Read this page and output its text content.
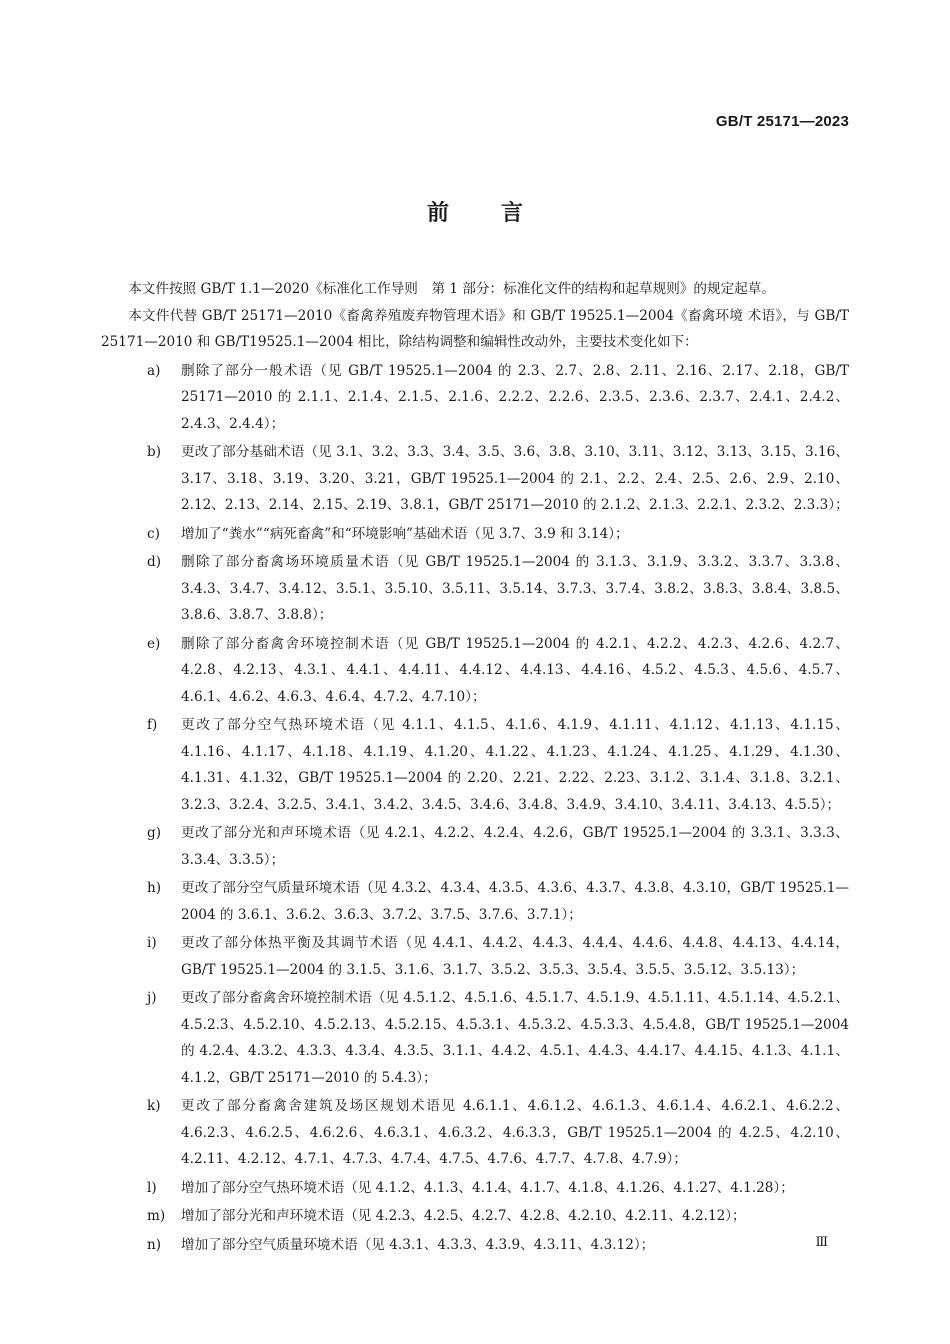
GB/T 25171—2023
前 言

本文件按照 GB/T 1.1—2020《标准化工作导则　第 1 部分：标准化文件的结构和起草规则》的规定起草。

本文件代替 GB/T 25171—2010《畜禽养殖废弃物管理术语》和 GB/T 19525.1—2004《畜禽环境 术语》，与 GB/T 25171—2010 和 GB/T19525.1—2004 相比，除结构调整和编辑性改动外，主要技术变化如下：

a) 删除了部分一般术语（见 GB/T 19525.1—2004 的 2.3、2.7、2.8、2.11、2.16、2.17、2.18，GB/T 25171—2010 的 2.1.1、2.1.4、2.1.5、2.1.6、2.2.2、2.2.6、2.3.5、2.3.6、2.3.7、2.4.1、2.4.2、2.4.3、2.4.4）；
b) 更改了部分基础术语（见 3.1、3.2、3.3、3.4、3.5、3.6、3.8、3.10、3.11、3.12、3.13、3.15、3.16、3.17、3.18、3.19、3.20、3.21，GB/T 19525.1—2004 的 2.1、2.2、2.4、2.5、2.6、2.9、2.10、2.12、2.13、2.14、2.15、2.19、3.8.1，GB/T 25171—2010 的 2.1.2、2.1.3、2.2.1、2.3.2、2.3.3）；
c) 增加了“粪水”“病死畜禽”和“环境影响”基础术语（见 3.7、3.9 和 3.14）；
d) 删除了部分畜禽场环境质量术语（见 GB/T 19525.1—2004 的 3.1.3、3.1.9、3.3.2、3.3.7、3.3.8、3.4.3、3.4.7、3.4.12、3.5.1、3.5.10、3.5.11、3.5.14、3.7.3、3.7.4、3.8.2、3.8.3、3.8.4、3.8.5、3.8.6、3.8.7、3.8.8）；
e) 删除了部分畜禽舍环境控制术语（见 GB/T 19525.1—2004 的 4.2.1、4.2.2、4.2.3、4.2.6、4.2.7、4.2.8、4.2.13、4.3.1、4.4.1、4.4.11、4.4.12、4.4.13、4.4.16、4.5.2、4.5.3、4.5.6、4.5.7、4.6.1、4.6.2、4.6.3、4.6.4、4.7.2、4.7.10）；
f) 更改了部分空气热环境术语（见 4.1.1、4.1.5、4.1.6、4.1.9、4.1.11、4.1.12、4.1.13、4.1.15、4.1.16、4.1.17、4.1.18、4.1.19、4.1.20、4.1.22、4.1.23、4.1.24、4.1.25、4.1.29、4.1.30、4.1.31、4.1.32，GB/T 19525.1—2004 的 2.20、2.21、2.22、2.23、3.1.2、3.1.4、3.1.8、3.2.1、3.2.3、3.2.4、3.2.5、3.4.1、3.4.2、3.4.5、3.4.6、3.4.8、3.4.9、3.4.10、3.4.11、3.4.13、4.5.5）；
g) 更改了部分光和声环境术语（见 4.2.1、4.2.2、4.2.4、4.2.6，GB/T 19525.1—2004 的 3.3.1、3.3.3、3.3.4、3.3.5）；
h) 更改了部分空气质量环境术语（见 4.3.2、4.3.4、4.3.5、4.3.6、4.3.7、4.3.8、4.3.10，GB/T 19525.1—2004 的 3.6.1、3.6.2、3.6.3、3.7.2、3.7.5、3.7.6、3.7.1）；
i) 更改了部分体热平衡及其调节术语（见 4.4.1、4.4.2、4.4.3、4.4.4、4.4.6、4.4.8、4.4.13、4.4.14，GB/T 19525.1—2004 的 3.1.5、3.1.6、3.1.7、3.5.2、3.5.3、3.5.4、3.5.5、3.5.12、3.5.13）；
j) 更改了部分畜禽舍环境控制术语（见 4.5.1.2、4.5.1.6、4.5.1.7、4.5.1.9、4.5.1.11、4.5.1.14、4.5.2.1、4.5.2.3、4.5.2.10、4.5.2.13、4.5.2.15、4.5.3.1、4.5.3.2、4.5.3.3、4.5.4.8，GB/T 19525.1—2004 的 4.2.4、4.3.2、4.3.3、4.3.4、4.3.5、3.1.1、4.4.2、4.5.1、4.4.3、4.4.17、4.4.15、4.1.3、4.1.1、4.1.2，GB/T 25171—2010 的 5.4.3）；
k) 更改了部分畜禽舍建筑及场区规划术语见 4.6.1.1、4.6.1.2、4.6.1.3、4.6.1.4、4.6.2.1、4.6.2.2、4.6.2.3、4.6.2.5、4.6.2.6、4.6.3.1、4.6.3.2、4.6.3.3，GB/T 19525.1—2004 的 4.2.5、4.2.10、4.2.11、4.2.12、4.7.1、4.7.3、4.7.4、4.7.5、4.7.6、4.7.7、4.7.8、4.7.9）；
l) 增加了部分空气热环境术语（见 4.1.2、4.1.3、4.1.4、4.1.7、4.1.8、4.1.26、4.1.27、4.1.28）；
m) 增加了部分光和声环境术语（见 4.2.3、4.2.5、4.2.7、4.2.8、4.2.10、4.2.11、4.2.12）；
n) 增加了部分空气质量环境术语（见 4.3.1、4.3.3、4.3.9、4.3.11、4.3.12）；	Ⅲ
